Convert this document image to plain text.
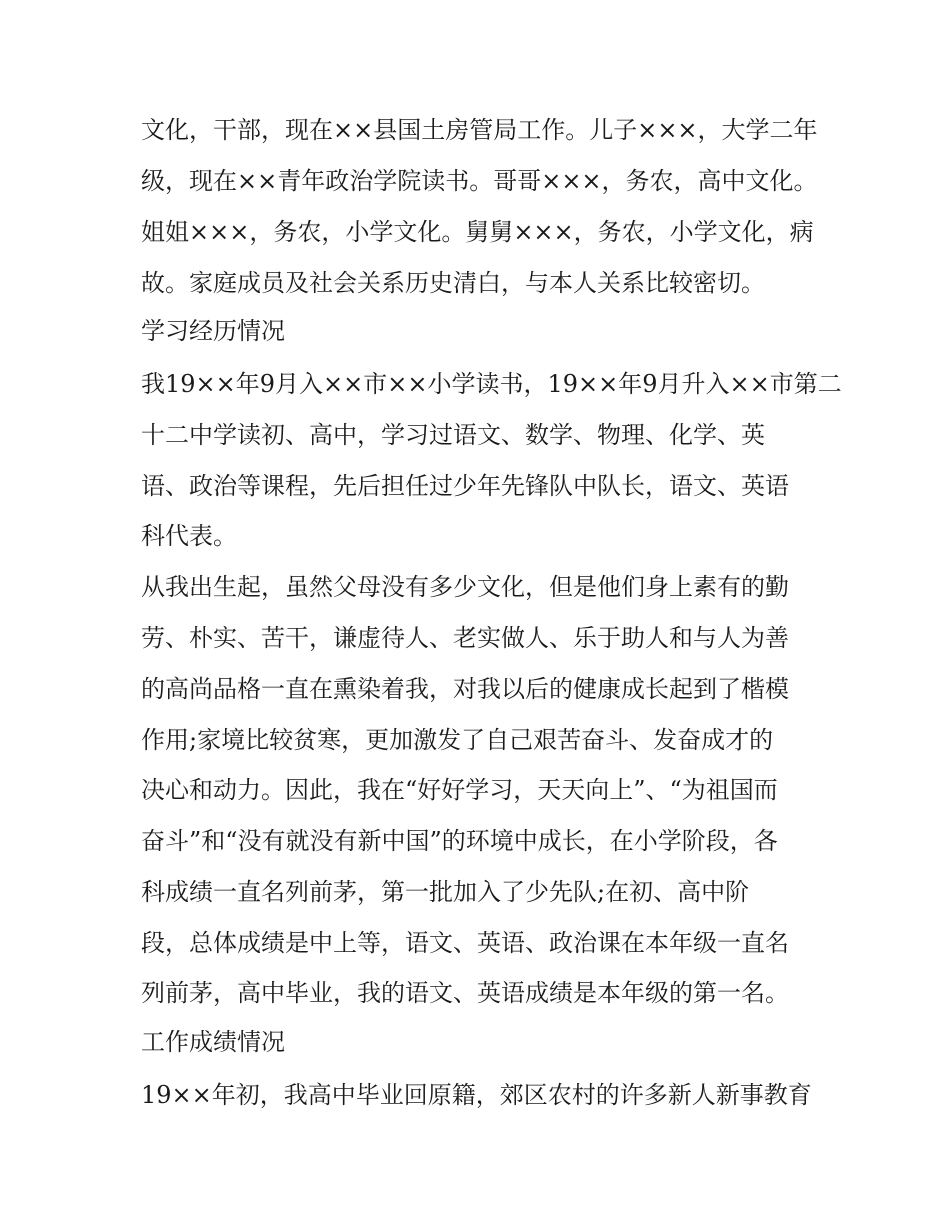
文化，干部，现在××县国土房管局工作。儿子×××，大学二年
级，现在××青年政治学院读书。哥哥×××，务农，高中文化。
姐姐×××，务农，小学文化。舅舅×××，务农，小学文化，病
故。家庭成员及社会关系历史清白，与本人关系比较密切。
学习经历情况
我19××年9月入××市××小学读书，19××年9月升入××市第二
十二中学读初、高中，学习过语文、数学、物理、化学、英
语、政治等课程，先后担任过少年先锋队中队长，语文、英语
科代表。
从我出生起，虽然父母没有多少文化，但是他们身上素有的勤
劳、朴实、苦干，谦虚待人、老实做人、乐于助人和与人为善
的高尚品格一直在熏染着我，对我以后的健康成长起到了楷模
作用;家境比较贫寒，更加激发了自己艰苦奋斗、发奋成才的
决心和动力。因此，我在“好好学习，天天向上”、“为祖国而
奋斗”和“没有就没有新中国”的环境中成长，在小学阶段，各
科成绩一直名列前茅，第一批加入了少先队;在初、高中阶
段，总体成绩是中上等，语文、英语、政治课在本年级一直名
列前茅，高中毕业，我的语文、英语成绩是本年级的第一名。
工作成绩情况
19××年初，我高中毕业回原籍，郊区农村的许多新人新事教育
